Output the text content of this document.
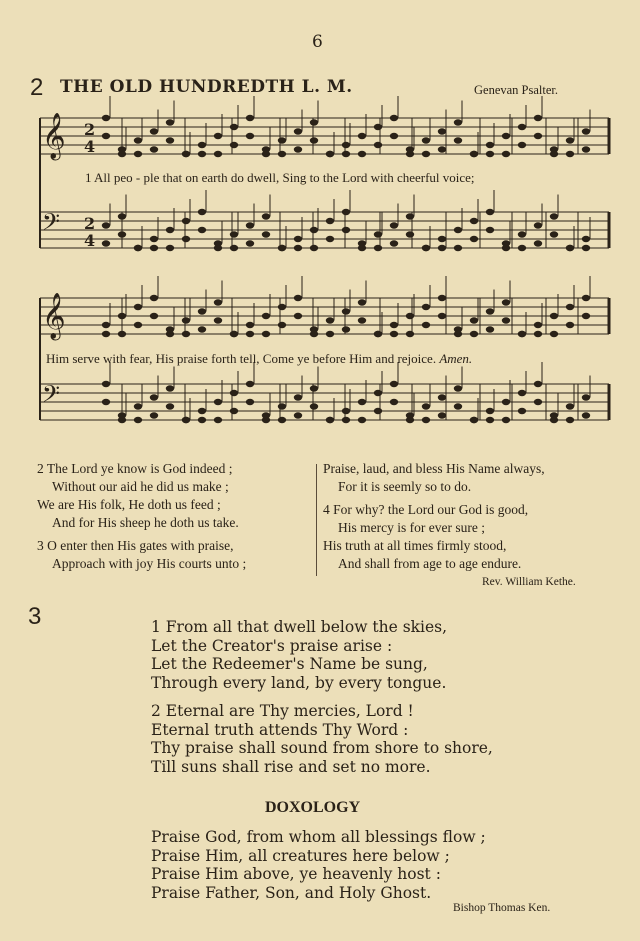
6
2 THE OLD HUNDREDTH L. M.	Genevan Psalter.
𝄞 2
4
𝄢 2
4
𝄞
𝄢
1 All peo - ple that on earth do dwell, Sing to the Lord with cheerful voice;
Him serve with fear, His praise forth tell, Come ye before Him and rejoice. Amen.
2 The Lord ye know is God indeed ;
Without our aid he did us make ;
We are His folk, He doth us feed ;
And for His sheep he doth us take.
3 O enter then His gates with praise,
Approach with joy His courts unto ;
Praise, laud, and bless His Name always,
For it is seemly so to do.
4 For why? the Lord our God is good,
His mercy is for ever sure ;
His truth at all times firmly stood,
And shall from age to age endure.
Rev. William Kethe.
3	1 From all that dwell below the skies,
Let the Creator's praise arise :
Let the Redeemer's Name be sung,
Through every land, by every tongue.
2 Eternal are Thy mercies, Lord !
Eternal truth attends Thy Word :
Thy praise shall sound from shore to shore,
Till suns shall rise and set no more.
DOXOLOGY
Praise God, from whom all blessings flow ;
Praise Him, all creatures here below ;
Praise Him above, ye heavenly host :
Praise Father, Son, and Holy Ghost.
Bishop Thomas Ken.
